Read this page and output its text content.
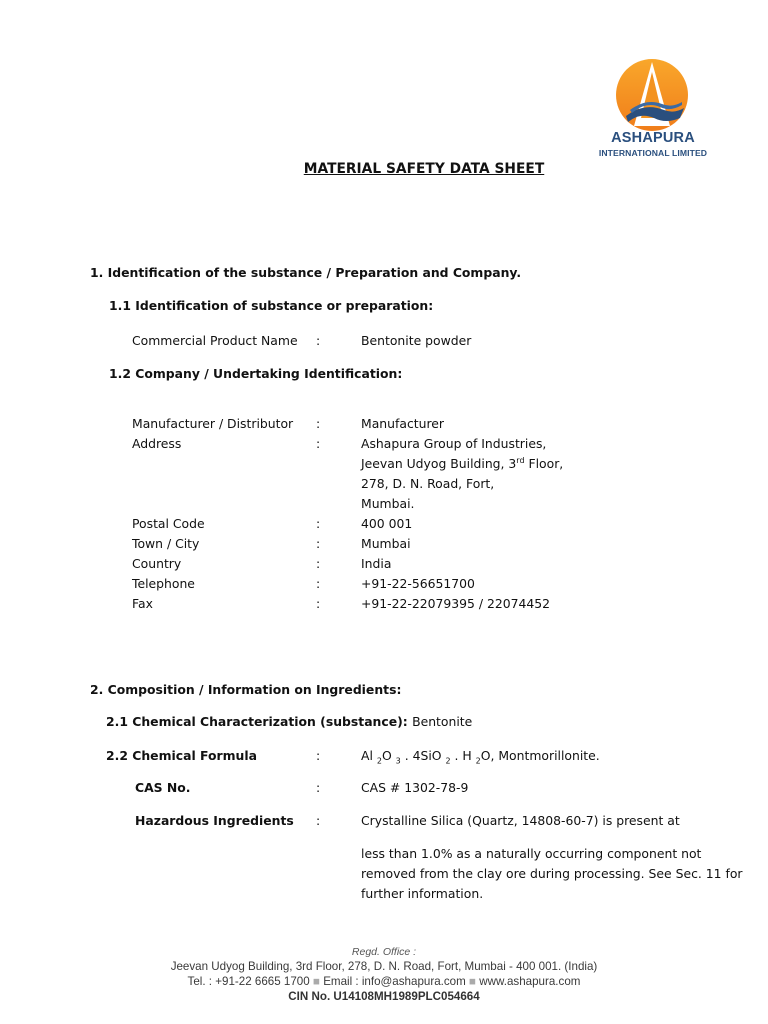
ASHAPURA
INTERNATIONAL LIMITED
MATERIAL SAFETY DATA SHEET
1. Identification of the substance / Preparation and Company.
1.1 Identification of substance or preparation:
Commercial Product Name :	Bentonite powder
1.2 Company / Undertaking Identification:
Manufacturer / Distributor :	Manufacturer
Address	:	Ashapura Group of Industries,
Jeevan Udyog Building, 3rd Floor,
278, D. N. Road, Fort,
Mumbai.
Postal Code	:	400 001
Town / City	:	Mumbai
Country	:	India
Telephone	:	+91-22-56651700
Fax	:	+91-22-22079395 / 22074452
2. Composition / Information on Ingredients:
2.1 Chemical Characterization (substance): Bentonite
2.2 Chemical Formula	:	Al $_2$O $_3$ . 4SiO $_2$ . H $_2$O, Montmorillonite.
CAS No.	:	CAS # 1302-78-9
Hazardous Ingredients :	Crystalline Silica (Quartz, 14808-60-7) is present at
less than 1.0% as a naturally occurring component not
removed from the clay ore during processing. See Sec. 11 for
further information.
Regd. Office :
Jeevan Udyog Building, 3rd Floor, 278, D. N. Road, Fort, Mumbai - 400 001. (India)
Tel. : +91-22 6665 1700 ■ Email : info@ashapura.com ■ www.ashapura.com
CIN No. U14108MH1989PLC054664
